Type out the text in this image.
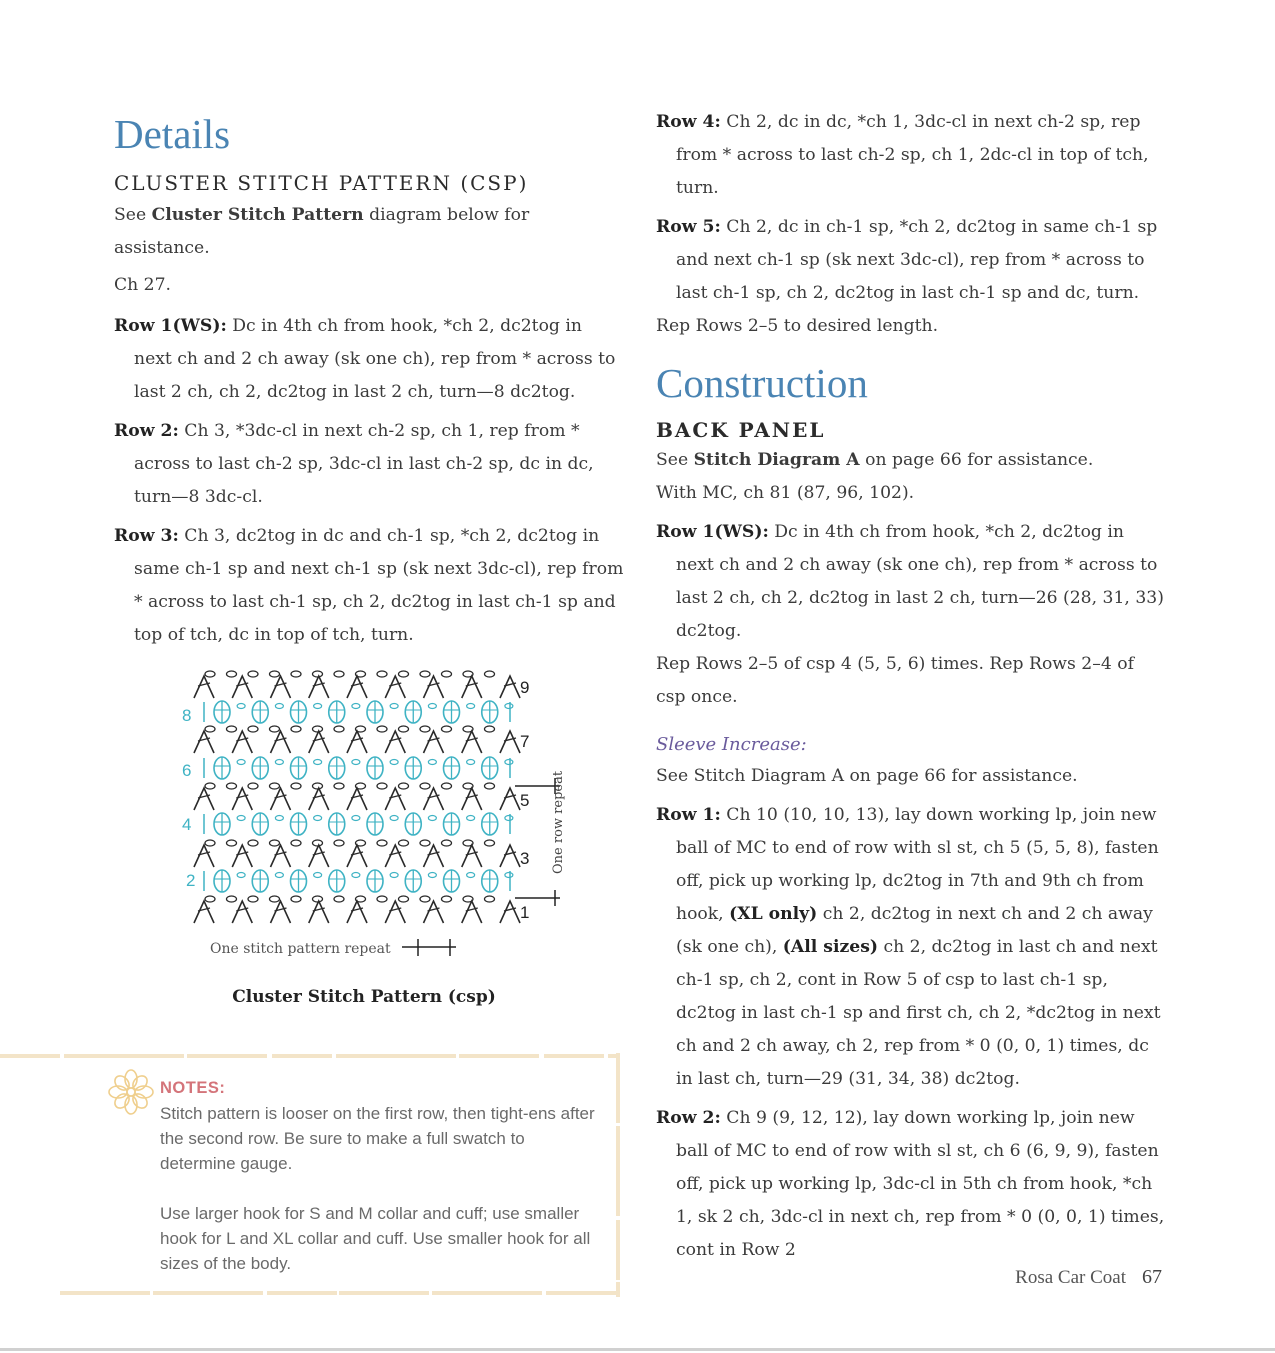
Details
CLUSTER STITCH PATTERN (CSP)

See Cluster Stitch Pattern diagram below for assistance.

Ch 27.

Row 1(WS): Dc in 4th ch from hook, *ch 2, dc2tog in next ch and 2 ch away (sk one ch), rep from * across to last 2 ch, ch 2, dc2tog in last 2 ch, turn—8 dc2tog.

Row 2: Ch 3, *3dc-cl in next ch-2 sp, ch 1, rep from * across to last ch-2 sp, 3dc-cl in last ch-2 sp, dc in dc, turn—8 3dc-cl.

Row 3: Ch 3, dc2tog in dc and ch-1 sp, *ch 2, dc2tog in same ch-1 sp and next ch-1 sp (sk next 3dc-cl), rep from * across to last ch-1 sp, ch 2, dc2tog in last ch-1 sp and top of tch, dc in top of tch, turn.

9
7
5
3
1
8
6
4
2
One row repeat
One stitch pattern repeat
Cluster Stitch Pattern (csp)
NOTES:

Stitch pattern is looser on the first row, then tight-ens after the second row. Be sure to make a full swatch to determine gauge.

Use larger hook for S and M collar and cuff; use smaller hook for L and XL collar and cuff. Use smaller hook for all sizes of the body.

Row 4: Ch 2, dc in dc, *ch 1, 3dc-cl in next ch-2 sp, rep from * across to last ch-2 sp, ch 1, 2dc-cl in top of tch, turn.

Row 5: Ch 2, dc in ch-1 sp, *ch 2, dc2tog in same ch-1 sp and next ch-1 sp (sk next 3dc-cl), rep from * across to last ch-1 sp, ch 2, dc2tog in last ch-1 sp and dc, turn.

Rep Rows 2–5 to desired length.

Construction
BACK PANEL

See Stitch Diagram A on page 66 for assistance.

With MC, ch 81 (87, 96, 102).

Row 1(WS): Dc in 4th ch from hook, *ch 2, dc2tog in next ch and 2 ch away (sk one ch), rep from * across to last 2 ch, ch 2, dc2tog in last 2 ch, turn—26 (28, 31, 33) dc2tog.

Rep Rows 2–5 of csp 4 (5, 5, 6) times. Rep Rows 2–4 of csp once.

Sleeve Increase:

See Stitch Diagram A on page 66 for assistance.

Row 1: Ch 10 (10, 10, 13), lay down working lp, join new ball of MC to end of row with sl st, ch 5 (5, 5, 8), fasten off, pick up working lp, dc2tog in 7th and 9th ch from hook, (XL only) ch 2, dc2tog in next ch and 2 ch away (sk one ch), (All sizes) ch 2, dc2tog in last ch and next ch-1 sp, ch 2, cont in Row 5 of csp to last ch-1 sp, dc2tog in last ch-1 sp and first ch, ch 2, *dc2tog in next ch and 2 ch away, ch 2, rep from * 0 (0, 0, 1) times, dc in last ch, turn—29 (31, 34, 38) dc2tog.

Row 2: Ch 9 (9, 12, 12), lay down working lp, join new ball of MC to end of row with sl st, ch 6 (6, 9, 9), fasten off, pick up working lp, 3dc-cl in 5th ch from hook, *ch 1, sk 2 ch, 3dc-cl in next ch, rep from * 0 (0, 0, 1) times, cont in Row 2

Rosa Car Coat 67
